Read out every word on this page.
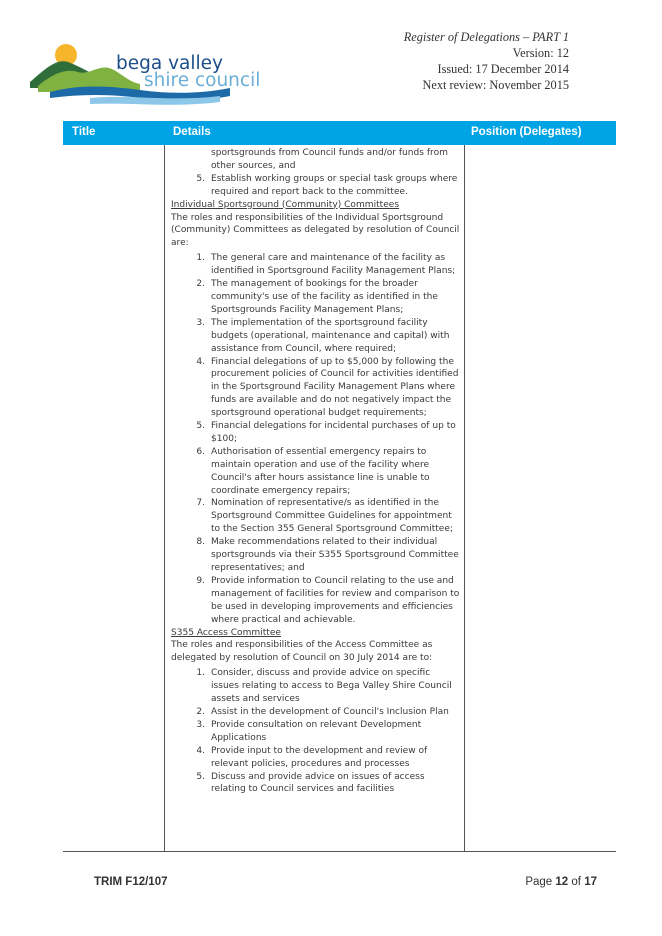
bega valley
shire council
Register of Delegations – PART 1
Version: 12
Issued: 17 December 2014
Next review: November 2015
Title	Details	Position (Delegates)

sportsgrounds from Council funds and/or funds from other sources, and

5. Establish working groups or special task groups where required and report back to the committee.

Individual Sportsground (Community) Committees

The roles and responsibilities of the Individual Sportsground (Community) Committees as delegated by resolution of Council are:

1. The general care and maintenance of the facility as identified in Sportsground Facility Management Plans;
2. The management of bookings for the broader community's use of the facility as identified in the Sportsgrounds Facility Management Plans;
3. The implementation of the sportsground facility budgets (operational, maintenance and capital) with assistance from Council, where required;
4. Financial delegations of up to $5,000 by following the procurement policies of Council for activities identified in the Sportsground Facility Management Plans where funds are available and do not negatively impact the sportsground operational budget requirements;
5. Financial delegations for incidental purchases of up to $100;
6. Authorisation of essential emergency repairs to maintain operation and use of the facility where Council's after hours assistance line is unable to coordinate emergency repairs;
7. Nomination of representative/s as identified in the Sportsground Committee Guidelines for appointment to the Section 355 General Sportsground Committee;
8. Make recommendations related to their individual sportsgrounds via their S355 Sportsground Committee representatives; and
9. Provide information to Council relating to the use and management of facilities for review and comparison to be used in developing improvements and efficiencies where practical and achievable.

S355 Access Committee

The roles and responsibilities of the Access Committee as delegated by resolution of Council on 30 July 2014 are to:

1. Consider, discuss and provide advice on specific issues relating to access to Bega Valley Shire Council assets and services
2. Assist in the development of Council's Inclusion Plan
3. Provide consultation on relevant Development Applications
4. Provide input to the development and review of relevant policies, procedures and processes
5. Discuss and provide advice on issues of access relating to Council services and facilities
TRIM F12/107	Page 12 of 17
